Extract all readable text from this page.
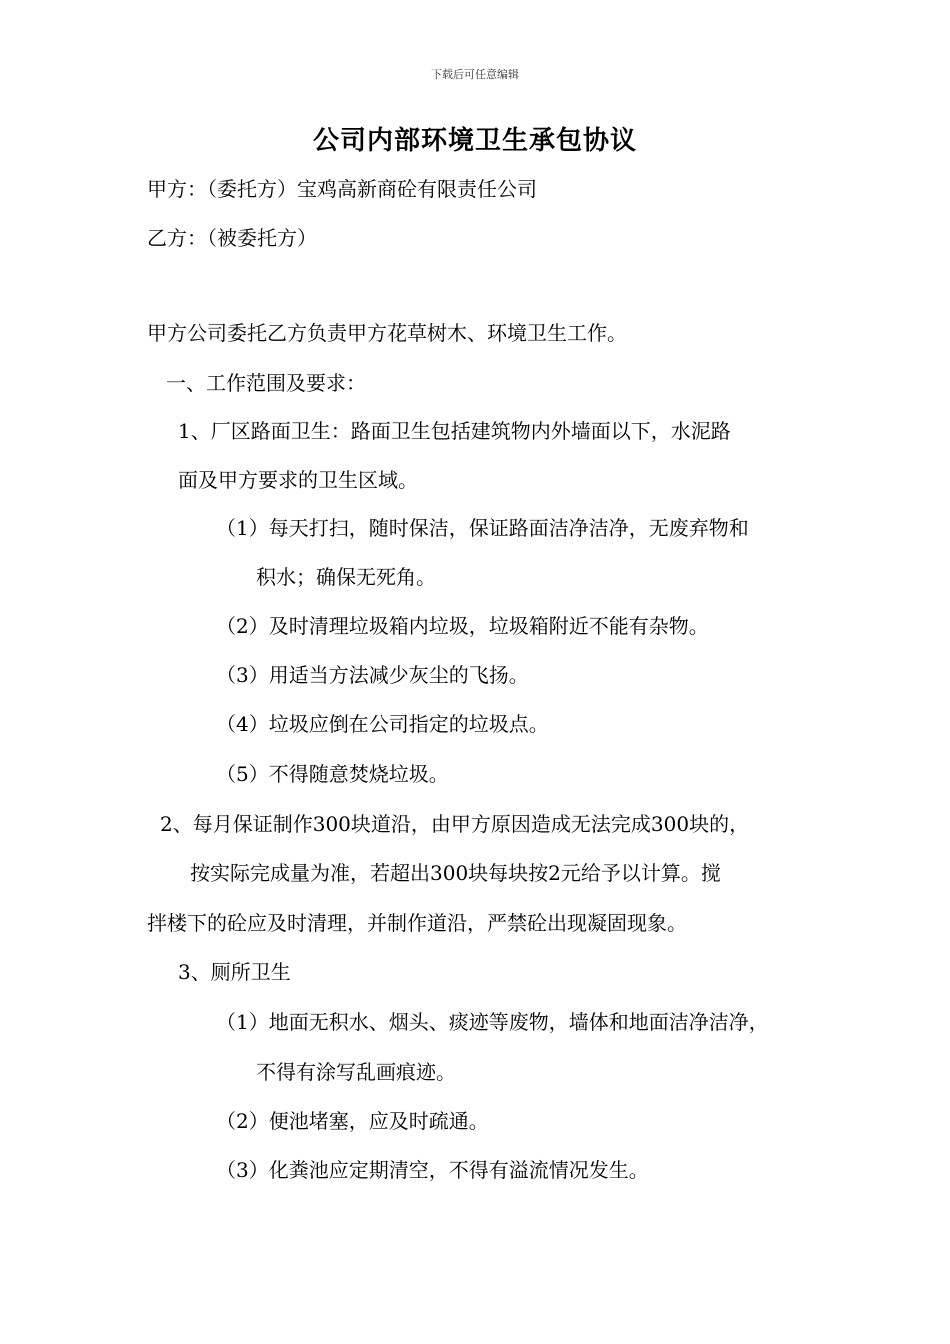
下载后可任意编辑
公司内部环境卫生承包协议
甲方：（委托方）宝鸡高新商砼有限责任公司
乙方：（被委托方）
甲方公司委托乙方负责甲方花草树木、环境卫生工作。
一、工作范围及要求：
1、厂区路面卫生：路面卫生包括建筑物内外墙面以下，水泥路
面及甲方要求的卫生区域。
（1）每天打扫，随时保洁，保证路面洁净洁净，无废弃物和
积水；确保无死角。
（2）及时清理垃圾箱内垃圾，垃圾箱附近不能有杂物。
（3）用适当方法减少灰尘的飞扬。
（4）垃圾应倒在公司指定的垃圾点。
（5）不得随意焚烧垃圾。
2、每月保证制作300块道沿，由甲方原因造成无法完成300块的，
按实际完成量为准，若超出300块每块按2元给予以计算。搅
拌楼下的砼应及时清理，并制作道沿，严禁砼出现凝固现象。
3、厕所卫生
（1）地面无积水、烟头、痰迹等废物，墙体和地面洁净洁净，
不得有涂写乱画痕迹。
（2）便池堵塞，应及时疏通。
（3）化粪池应定期清空，不得有溢流情况发生。
